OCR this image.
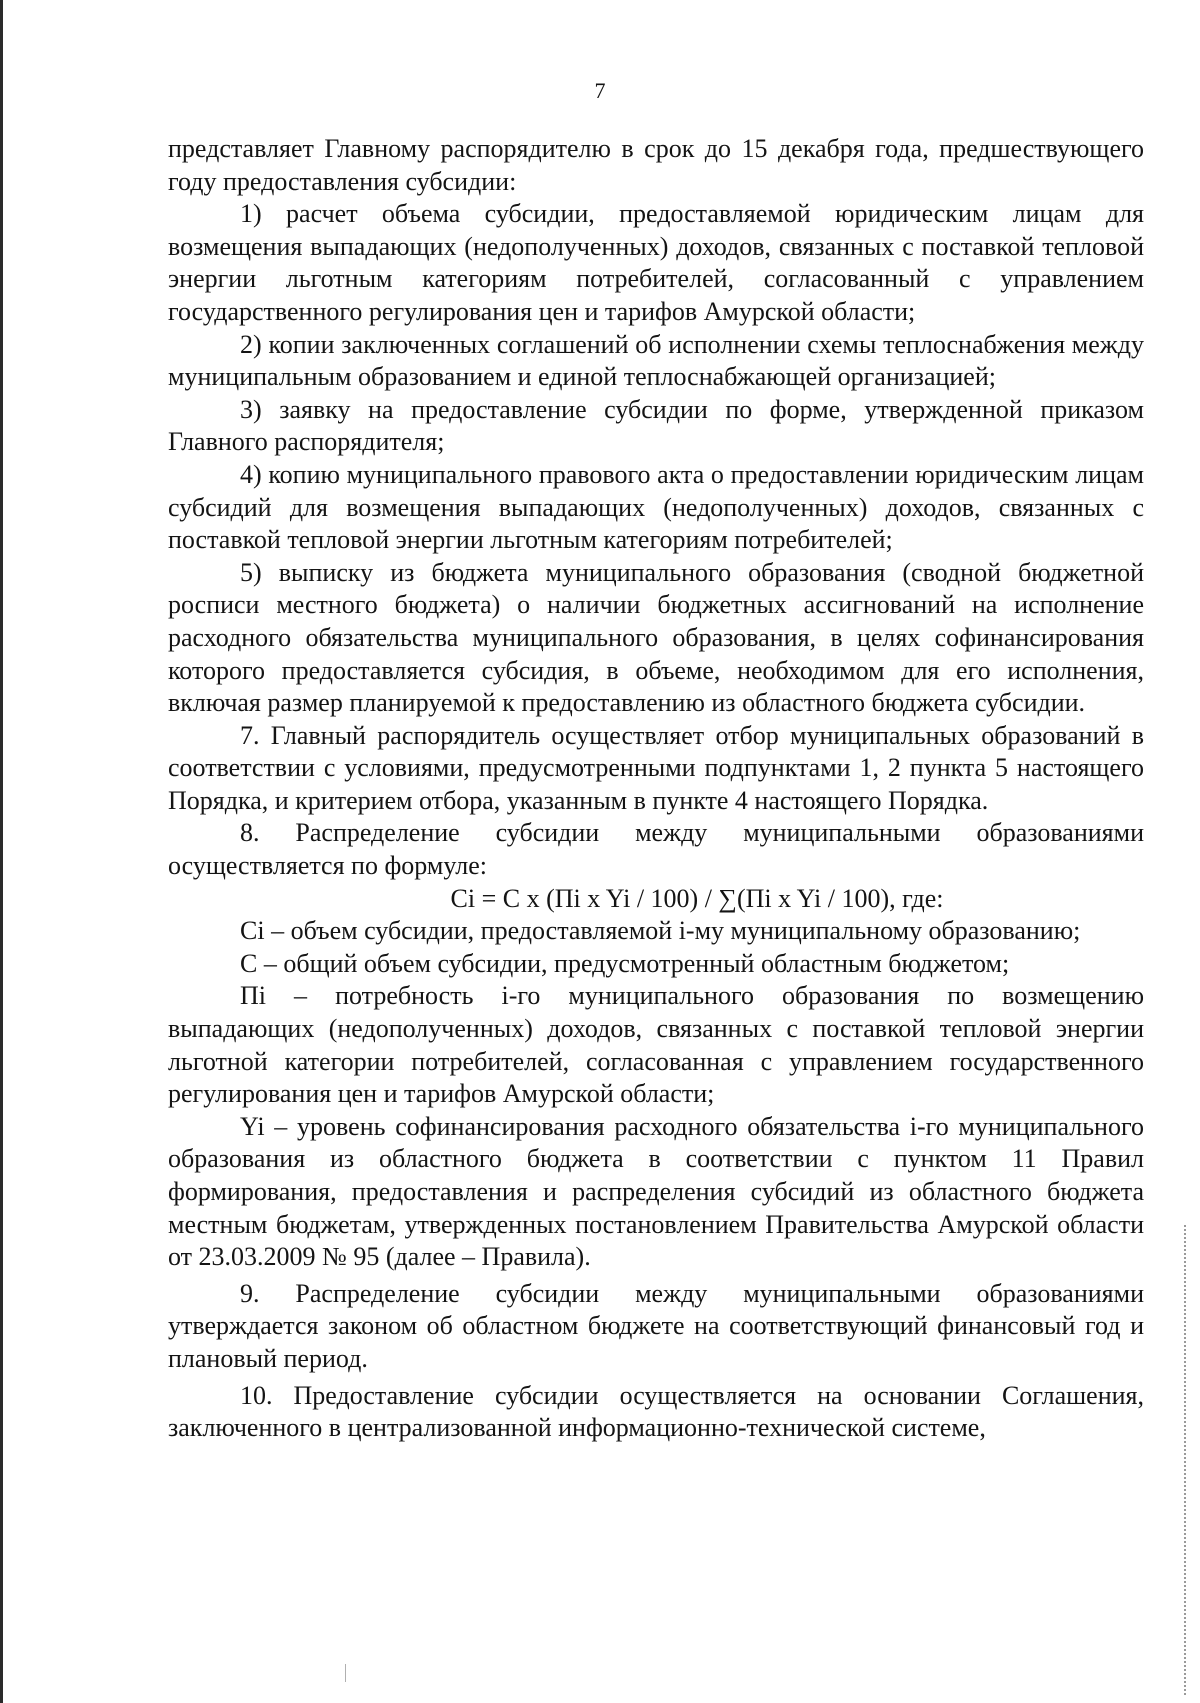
7

представляет Главному распорядителю в срок до 15 декабря года, предшествующего году предоставления субсидии:

1) расчет объема субсидии, предоставляемой юридическим лицам для возмещения выпадающих (недополученных) доходов, связанных с поставкой тепловой энергии льготным категориям потребителей, согласованный с управлением государственного регулирования цен и тарифов Амурской области;

2) копии заключенных соглашений об исполнении схемы теплоснабжения между муниципальным образованием и единой теплоснабжающей организацией;

3) заявку на предоставление субсидии по форме, утвержденной приказом Главного распорядителя;

4) копию муниципального правового акта о предоставлении юридическим лицам субсидий для возмещения выпадающих (недополученных) доходов, связанных с поставкой тепловой энергии льготным категориям потребителей;

5) выписку из бюджета муниципального образования (сводной бюджетной росписи местного бюджета) о наличии бюджетных ассигнований на исполнение расходного обязательства муниципального образования, в целях софинансирования которого предоставляется субсидия, в объеме, необходимом для его исполнения, включая размер планируемой к предоставлению из областного бюджета субсидии.

7. Главный распорядитель осуществляет отбор муниципальных образований в соответствии с условиями, предусмотренными подпунктами 1, 2 пункта 5 настоящего Порядка, и критерием отбора, указанным в пункте 4 настоящего Порядка.

8. Распределение субсидии между муниципальными образованиями осуществляется по формуле:

Сi = С x (Пi x Yi / 100) / ∑(Пi x Yi / 100), где:

Сi – объем субсидии, предоставляемой i-му муниципальному образованию;

С – общий объем субсидии, предусмотренный областным бюджетом;

Пi – потребность i-го муниципального образования по возмещению выпадающих (недополученных) доходов, связанных с поставкой тепловой энергии льготной категории потребителей, согласованная с управлением государственного регулирования цен и тарифов Амурской области;

Yi – уровень софинансирования расходного обязательства i-го муниципального образования из областного бюджета в соответствии с пунктом 11 Правил формирования, предоставления и распределения субсидий из областного бюджета местным бюджетам, утвержденных постановлением Правительства Амурской области от 23.03.2009 № 95 (далее – Правила).

9. Распределение субсидии между муниципальными образованиями утверждается законом об областном бюджете на соответствующий финансовый год и плановый период.

10. Предоставление субсидии осуществляется на основании Соглашения, заключенного в централизованной информационно-технической системе,
